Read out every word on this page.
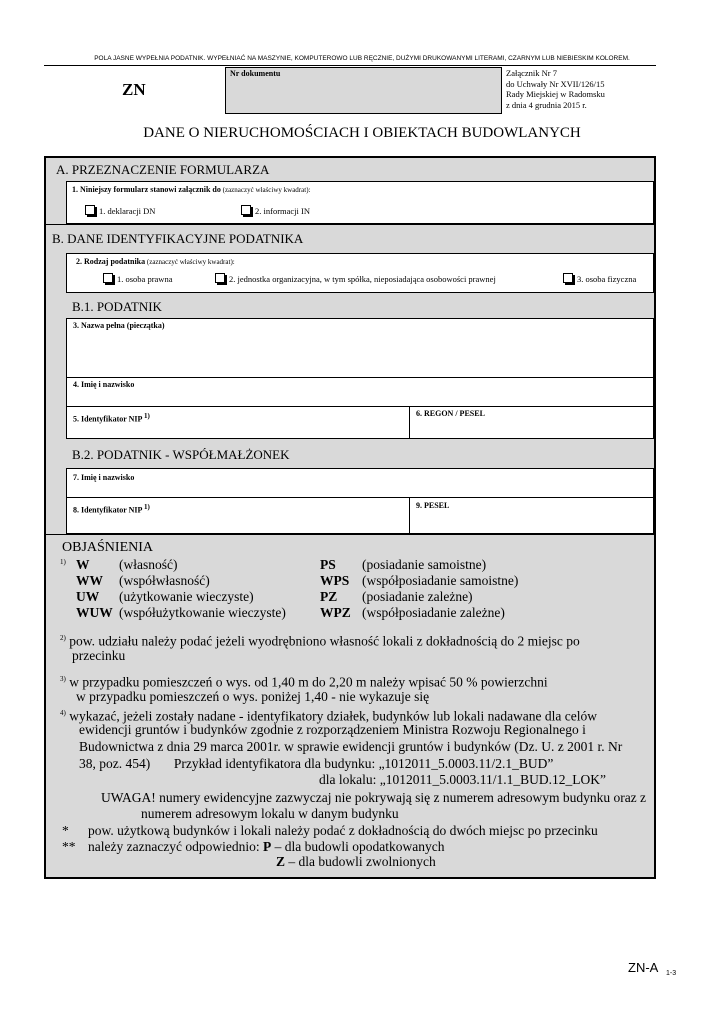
POLA JASNE WYPEŁNIA PODATNIK. WYPEŁNIAĆ NA MASZYNIE, KOMPUTEROWO LUB RĘCZNIE, DUŻYMI DRUKOWANYMI LITERAMI, CZARNYM LUB NIEBIESKIM KOLOREM.
ZN
Nr dokumentu	Załącznik Nr 7
do Uchwały Nr XVII/126/15
Rady Miejskiej w Radomsku
z dnia 4 grudnia 2015 r.
DANE O NIERUCHOMOŚCIACH I OBIEKTACH BUDOWLANYCH
A. PRZEZNACZENIE FORMULARZA
1. Niniejszy formularz stanowi załącznik do (zaznaczyć właściwy kwadrat):
1. deklaracji DN	2. informacji IN
B. DANE IDENTYFIKACYJNE PODATNIKA
2. Rodzaj podatnika (zaznaczyć właściwy kwadrat):
1. osoba prawna	2. jednostka organizacyjna, w tym spółka, nieposiadająca osobowości prawnej	3. osoba fizyczna
B.1. PODATNIK
3. Nazwa pełna (pieczątka)
4. Imię i nazwisko
5. Identyfikator NIP $^{1)}$	6. REGON / PESEL
B.2. PODATNIK - WSPÓŁMAŁŻONEK
7. Imię i nazwisko
8. Identyfikator NIP $^{1)}$	9. PESEL
OBJAŚNIENIA
1) W (własność)	PS (posiadanie samoistne)
WW (współwłasność)	WPS (współposiadanie samoistne)
UW (użytkowanie wieczyste)	PZ (posiadanie zależne)
WUW (współużytkowanie wieczyste)	WPZ (współposiadanie zależne)
$^{2)}$ pow. udziału należy podać jeżeli wyodrębniono własność lokali z dokładnością do 2 miejsc po
przecinku
$^{3)}$ w przypadku pomieszczeń o wys. od 1,40 m do 2,20 m należy wpisać 50 % powierzchni
w przypadku pomieszczeń o wys. poniżej 1,40 - nie wykazuje się
$^{4)}$ wykazać, jeżeli zostały nadane - identyfikatory działek, budynków lub lokali nadawane dla celów
ewidencji gruntów i budynków zgodnie z rozporządzeniem Ministra Rozwoju Regionalnego i
Budownictwa z dnia 29 marca 2001r. w sprawie ewidencji gruntów i budynków (Dz. U. z 2001 r. Nr
38, poz. 454)       Przykład identyfikatora dla budynku: „1012011_5.0003.11/2.1_BUD”
dla lokalu: „1012011_5.0003.11/1.1_BUD.12_LOK”
UWAGA! numery ewidencyjne zazwyczaj nie pokrywają się z numerem adresowym budynku oraz z
numerem adresowym lokalu w danym budynku
* pow. użytkową budynków i lokali należy podać z dokładnością do dwóch miejsc po przecinku
** należy zaznaczyć odpowiednio: P – dla budowli opodatkowanych
Z – dla budowli zwolnionych
ZN-A 1-3
